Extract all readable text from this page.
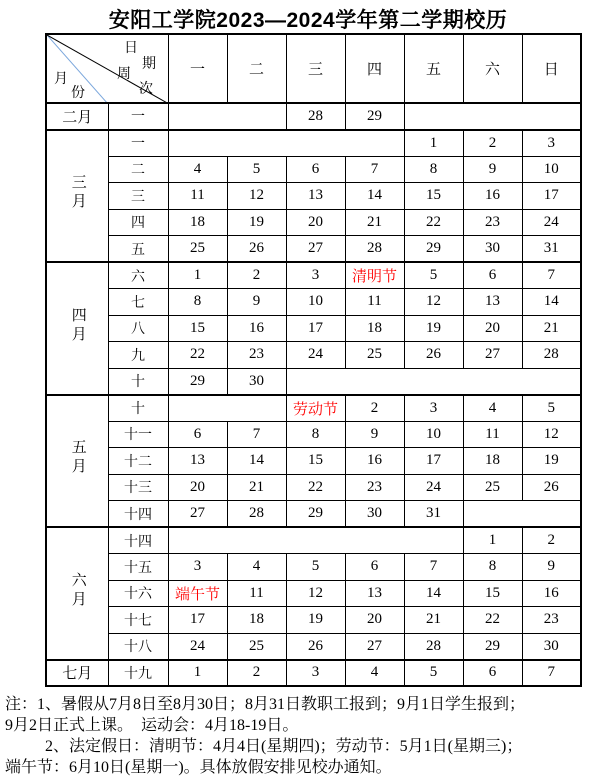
安阳工学院2023—2024学年第二学期校历
日
期
周
次
月
份
	一	二	三	四	五	六	日
二月	一			28	29			
三月	一					1	2	3
	二	4	5	6	7	8	9	10
	三	11	12	13	14	15	16	17
	四	18	19	20	21	22	23	24
	五	25	26	27	28	29	30	31
四月	六	1	2	3	清明节	5	6	7
	七	8	9	10	11	12	13	14
	八	15	16	17	18	19	20	21
	九	22	23	24	25	26	27	28
	十	29	30					
五月	十			劳动节	2	3	4	5
	十一	6	7	8	9	10	11	12
	十二	13	14	15	16	17	18	19
	十三	20	21	22	23	24	25	26
	十四	27	28	29	30	31		
六月	十四						1	2
	十五	3	4	5	6	7	8	9
	十六	端午节	11	12	13	14	15	16
	十七	17	18	19	20	21	22	23
	十八	24	25	26	27	28	29	30
七月	十九	1	2	3	4	5	6	7
注：1、暑假从7月8日至8月30日；8月31日教职工报到；9月1日学生报到；
9月2日正式上课。　运动会：4月18-19日。
2、法定假日：清明节：4月4日(星期四)；劳动节：5月1日(星期三)；
端午节：6月10日(星期一)。具体放假安排见校办通知。
